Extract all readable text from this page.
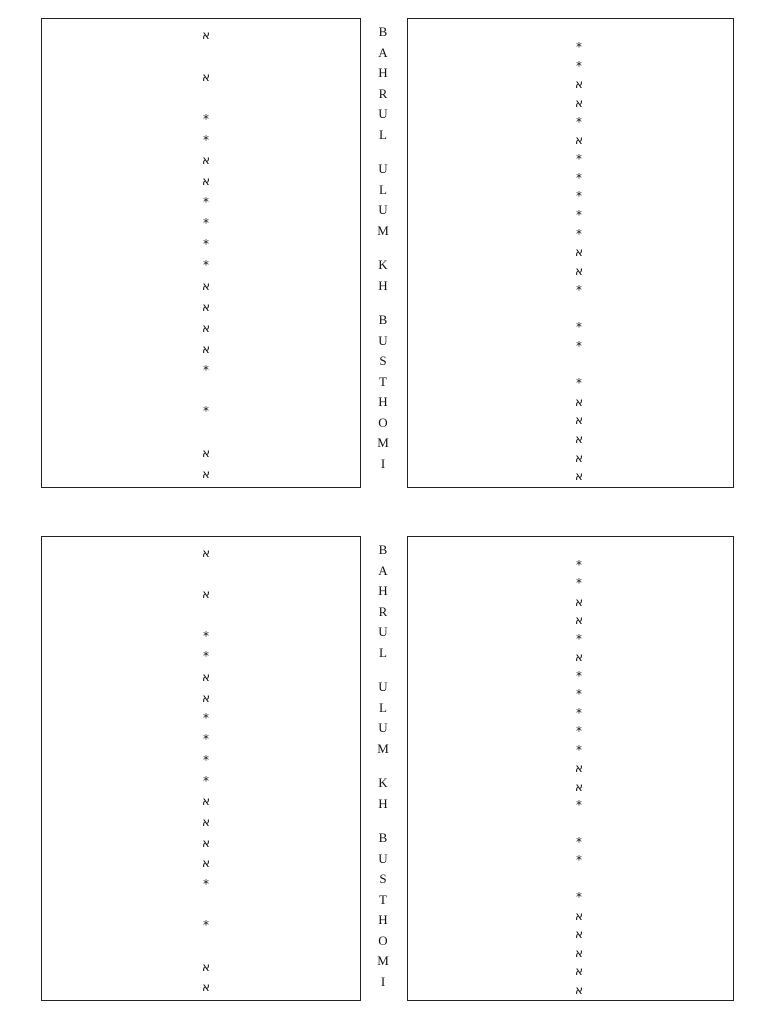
א
א
*
*
א
א
*
*
*
*
א
א
א
א
*
*
א
א
*
*
א
א
*
א
*
*
*
*
*
א
א
*
*
*
*
א
א
א
א
א
B
A
H
R
U
L
U
L
U
M
K
H
B
U
S
T
H
O
M
I
א
א
*
*
א
א
*
*
*
*
א
א
א
א
*
*
א
א
*
*
א
א
*
א
*
*
*
*
*
א
א
*
*
*
*
א
א
א
א
א
B
A
H
R
U
L
U
L
U
M
K
H
B
U
S
T
H
O
M
I
